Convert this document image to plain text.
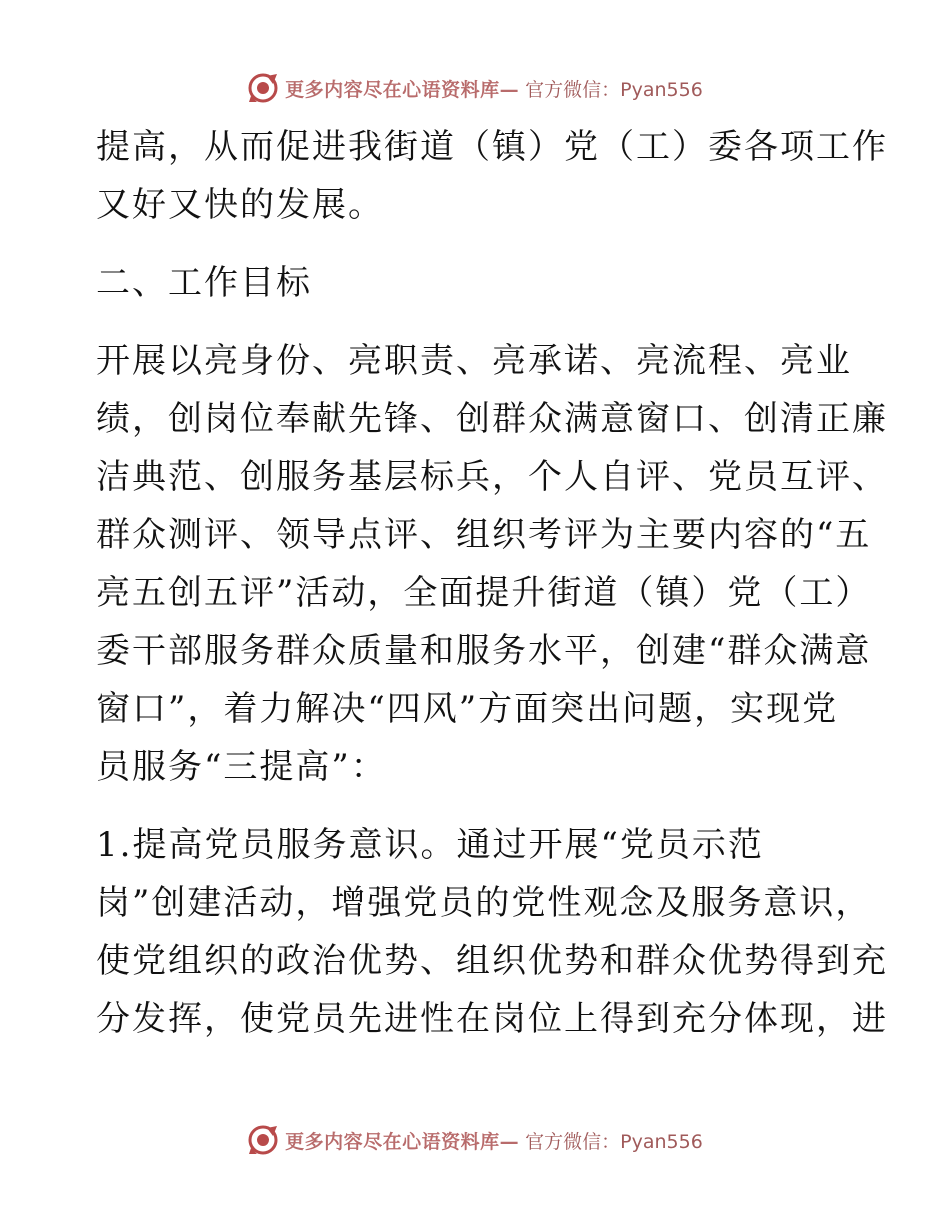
更多内容尽在心语资料库— 官方微信：Pyan556

提高，从而促进我街道（镇）党（工）委各项工作
又好又快的发展。

二、工作目标

开展以亮身份、亮职责、亮承诺、亮流程、亮业
绩，创岗位奉献先锋、创群众满意窗口、创清正廉
洁典范、创服务基层标兵，个人自评、党员互评、
群众测评、领导点评、组织考评为主要内容的“五
亮五创五评”活动，全面提升街道（镇）党（工）
委干部服务群众质量和服务水平，创建“群众满意
窗口”，着力解决“四风”方面突出问题，实现党
员服务“三提高”：

1.提高党员服务意识。通过开展“党员示范
岗”创建活动，增强党员的党性观念及服务意识，
使党组织的政治优势、组织优势和群众优势得到充
分发挥，使党员先进性在岗位上得到充分体现，进

更多内容尽在心语资料库— 官方微信：Pyan556
